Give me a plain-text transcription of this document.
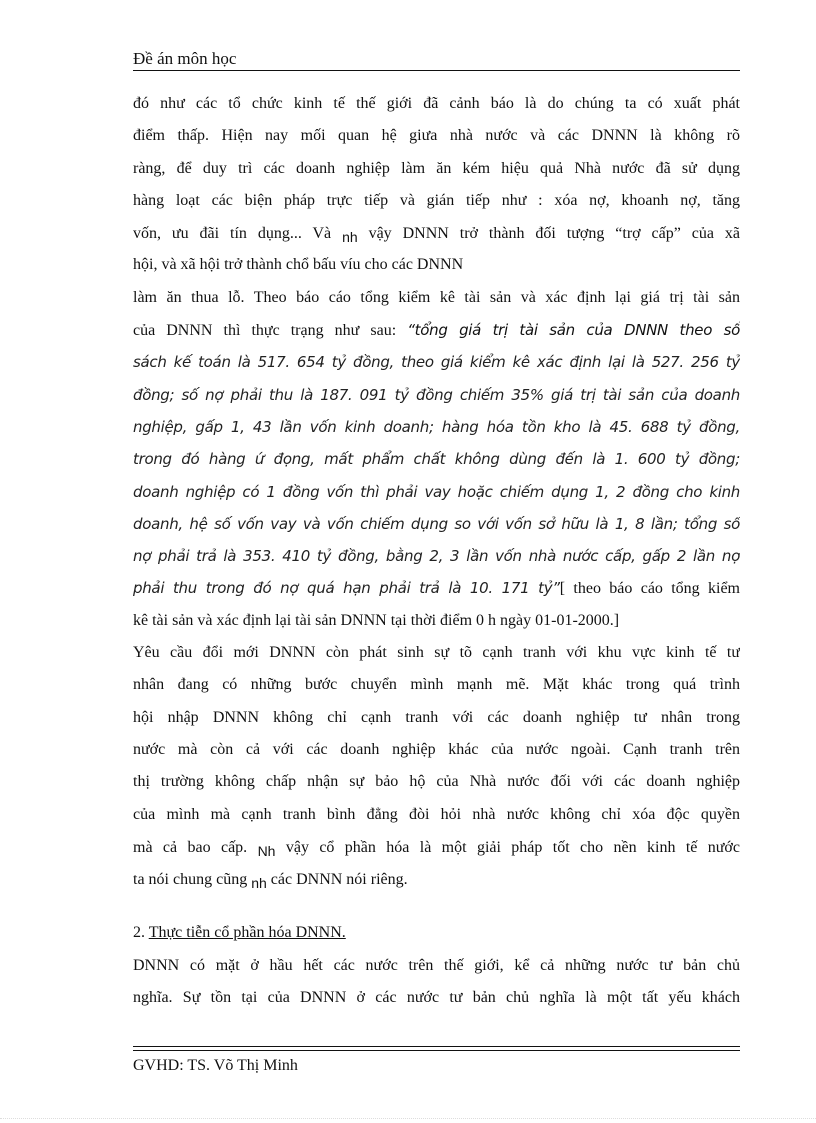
Đề án môn học
đó như các tổ chức kinh tế thế giới đã cảnh báo là do chúng ta có xuất phát
điểm thấp. Hiện nay mối quan hệ giưa nhà nước và các DNNN là không rõ
ràng, để duy trì các doanh nghiệp làm ăn kém hiệu quả Nhà nước đã sử dụng
hàng loạt các biện pháp trực tiếp và gián tiếp như : xóa nợ, khoanh nợ, tăng
vốn, ưu đãi tín dụng... Và nh vậy DNNN trở thành đối tượng “trợ cấp” của xã
hội, và xã hội trở thành chổ bấu víu cho các DNNN
làm ăn thua lỗ. Theo báo cáo tổng kiểm kê tài sản và xác định lại giá trị tài sản
của DNNN thì thực trạng như sau: “tổng giá trị tài sản của DNNN theo sổ
sách kế toán là 517. 654 tỷ đồng, theo giá kiểm kê xác định lại là 527. 256 tỷ
đồng; số nợ phải thu là 187. 091 tỷ đồng chiếm 35% giá trị tài sản của doanh
nghiệp, gấp 1, 43 lần vốn kinh doanh; hàng hóa tồn kho là 45. 688 tỷ đồng,
trong đó hàng ứ đọng, mất phẩm chất không dùng đến là 1. 600 tỷ đồng;
doanh nghiệp có 1 đồng vốn thì phải vay hoặc chiếm dụng 1, 2 đồng cho kinh
doanh, hệ số vốn vay và vốn chiếm dụng so với vốn sở hữu là 1, 8 lần; tổng số
nợ phải trả là 353. 410 tỷ đồng, bằng 2, 3 lần vốn nhà nước cấp, gấp 2 lần nợ
phải thu trong đó nợ quá hạn phải trả là 10. 171 tỷ”[ theo báo cáo tổng kiểm
kê tài sản và xác định lại tài sản DNNN tại thời điểm 0 h ngày 01-01-2000.]
Yêu cầu đổi mới DNNN còn phát sinh sự tõ cạnh tranh với khu vực kinh tế tư
nhân đang có những bước chuyển mình mạnh mẽ. Mặt khác trong quá trình
hội nhập DNNN không chỉ cạnh tranh với các doanh nghiệp tư nhân trong
nước mà còn cả với các doanh nghiệp khác của nước ngoài. Cạnh tranh trên
thị trường không chấp nhận sự bảo hộ của Nhà nước đối với các doanh nghiệp
của mình mà cạnh tranh bình đẳng đòi hỏi nhà nước không chỉ xóa độc quyền
mà cả bao cấp. Nh vậy cổ phần hóa là một giải pháp tốt cho nền kinh tế nước
ta nói chung cũng nh các DNNN nói riêng.
2. Thực tiễn cổ phần hóa DNNN.
DNNN có mặt ở hầu hết các nước trên thế giới, kể cả những nước tư bản chủ
nghĩa. Sự tồn tại của DNNN ở các nước tư bản chủ nghĩa là một tất yếu khách
GVHD: TS. Võ Thị Minh
